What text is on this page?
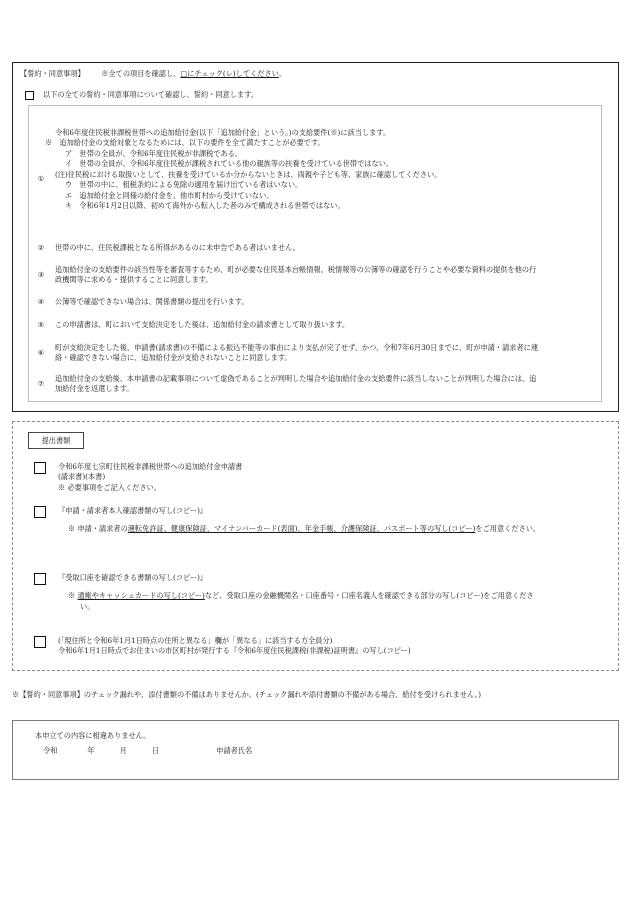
【誓約・同意事項】 ※全ての項目を確認し、□にチェック(レ)してください。
以下の全ての誓約・同意事項について確認し、誓約・同意します。
①
令和6年度住民税非課税世帯への追加給付金(以下「追加給付金」という。)の支給要件(※)に該当します。
※　追加給付金の支給対象となるためには、以下の要件を全て満たすことが必要です。
ア　世帯の全員が、令和6年度住民税が非課税である。
イ　世帯の全員が、令和6年度住民税が課税されている他の親族等の扶養を受けている世帯ではない。
(注)住民税における取扱いとして、扶養を受けているか分からないときは、両親や子ども等、家族に確認してください。
ウ　世帯の中に、租税条約による免除の適用を届け出ている者はいない。
エ　追加給付金と同様の給付金を、他市町村から受けていない。
キ　令和6年1月2日以降、初めて海外から転入した者のみで構成される世帯ではない。
②	世帯の中に、住民税課税となる所得があるのに未申告である者はいません。
③
追加給付金の支給要件の該当性等を審査等するため、町が必要な住民基本台帳情報、税情報等の公簿等の確認を行うことや必要な資料の提供を他の行
政機関等に求める・提供することに同意します。
④	公簿等で確認できない場合は、関係書類の提出を行います。
⑤	この申請書は、町において支給決定をした後は、追加給付金の請求書として取り扱います。
⑥
町が支給決定をした後、申請書(請求書)の不備による振込不能等の事由により支払が完了せず、かつ、令和7年6月30日までに、町が申請・請求者に連
絡・確認できない場合に、追加給付金が支給されないことに同意します。
⑦
追加給付金の支給後、本申請書の記載事項について虚偽であることが判明した場合や追加給付金の支給要件に該当しないことが判明した場合には、追
加給付金を返還します。
提出書類
令和6年度七宗町住民税非課税世帯への追加給付金申請書
(請求書)(本書)
※ 必要事項をご記入ください。
『申請・請求者本人確認書類の写し(コピー)』
※ 申請・請求者の運転免許証、健康保険証、マイナンバーカード(表面)、年金手帳、介護保険証、パスポート等の写し(コピー)をご用意ください。
『受取口座を確認できる書類の写し(コピー)』
※ 通帳やキャッシュカードの写し(コピー)など、受取口座の金融機関名・口座番号・口座名義人を確認できる部分の写し(コピー)をご用意くださ
い。
(「現住所と令和6年1月1日時点の住所と異なる」欄が「異なる」に該当する方全員分)
令和6年1月1日時点でお住まいの市区町村が発行する『令和6年度住民税課税(非課税)証明書』の写し(コピー)
※【誓約・同意事項】のチェック漏れや、添付書類の不備はありませんか。(チェック漏れや添付書類の不備がある場合、給付を受けられません。)
本申立ての内容に相違ありません。
令和	年	月	日	申請者氏名
